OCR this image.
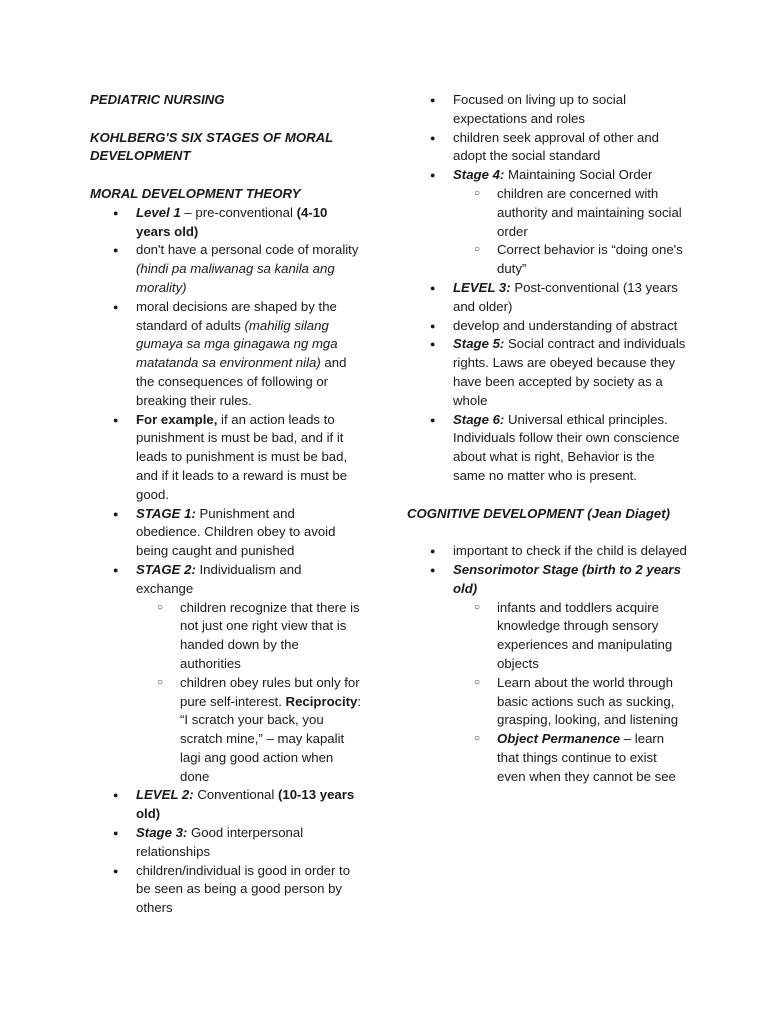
PEDIATRIC NURSING

KOHLBERG'S SIX STAGES OF MORAL DEVELOPMENT

MORAL DEVELOPMENT THEORY

● Level 1 – pre-conventional (4-10 years old)
● don't have a personal code of morality (hindi pa maliwanag sa kanila ang morality)
● moral decisions are shaped by the standard of adults (mahilig silang gumaya sa mga ginagawa ng mga matatanda sa environment nila) and the consequences of following or breaking their rules.
● For example, if an action leads to punishment is must be bad, and if it leads to punishment is must be bad, and if it leads to a reward is must be good.
● STAGE 1: Punishment and obedience. Children obey to avoid being caught and punished
● STAGE 2: Individualism and exchange
○ children recognize that there is not just one right view that is handed down by the authorities
○ children obey rules but only for pure self-interest. Reciprocity: “I scratch your back, you scratch mine,” – may kapalit lagi ang good action when done
● LEVEL 2: Conventional (10-13 years old)
● Stage 3: Good interpersonal relationships
● children/individual is good in order to be seen as being a good person by others
● Focused on living up to social expectations and roles
● children seek approval of other and adopt the social standard
● Stage 4: Maintaining Social Order
○ children are concerned with authority and maintaining social order
○ Correct behavior is “doing one's duty”
● LEVEL 3: Post-conventional (13 years and older)
● develop and understanding of abstract
● Stage 5: Social contract and individuals rights. Laws are obeyed because they have been accepted by society as a whole
● Stage 6: Universal ethical principles. Individuals follow their own conscience about what is right, Behavior is the same no matter who is present.

COGNITIVE DEVELOPMENT (Jean Diaget)

● important to check if the child is delayed
● Sensorimotor Stage (birth to 2 years old)
○ infants and toddlers acquire knowledge through sensory experiences and manipulating objects
○ Learn about the world through basic actions such as sucking, grasping, looking, and listening
○ Object Permanence – learn that things continue to exist even when they cannot be see
